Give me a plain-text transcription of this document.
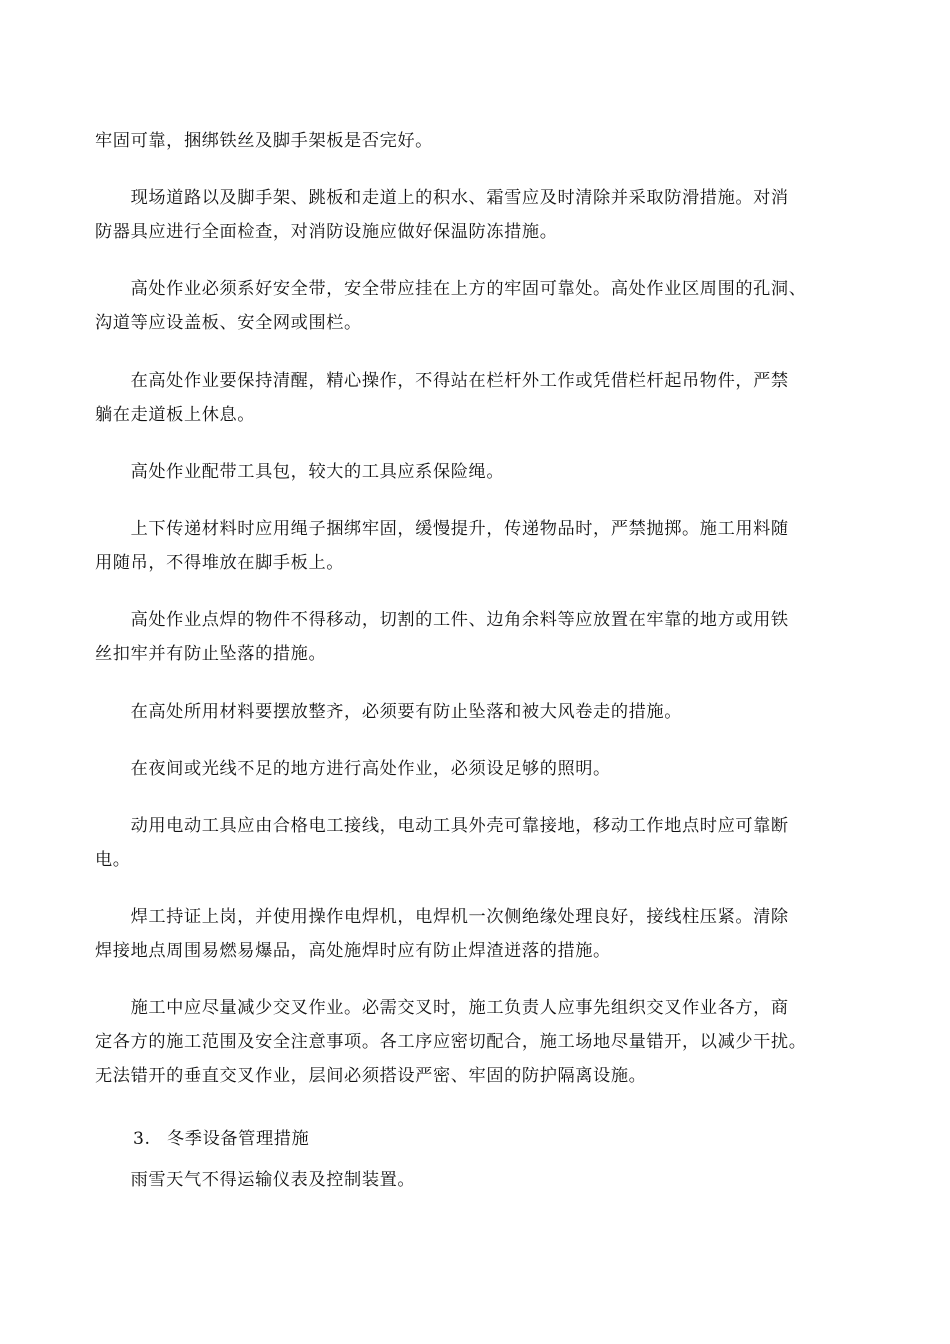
牢固可靠，捆绑铁丝及脚手架板是否完好。

　　现场道路以及脚手架、跳板和走道上的积水、霜雪应及时清除并采取防滑措施。对消
防器具应进行全面检查，对消防设施应做好保温防冻措施。

　　高处作业必须系好安全带，安全带应挂在上方的牢固可靠处。高处作业区周围的孔洞、
沟道等应设盖板、安全网或围栏。

　　在高处作业要保持清醒，精心操作，不得站在栏杆外工作或凭借栏杆起吊物件，严禁
躺在走道板上休息。

　　高处作业配带工具包，较大的工具应系保险绳。

　　上下传递材料时应用绳子捆绑牢固，缓慢提升，传递物品时，严禁抛掷。施工用料随
用随吊，不得堆放在脚手板上。

　　高处作业点焊的物件不得移动，切割的工件、边角余料等应放置在牢靠的地方或用铁
丝扣牢并有防止坠落的措施。

　　在高处所用材料要摆放整齐，必须要有防止坠落和被大风卷走的措施。

　　在夜间或光线不足的地方进行高处作业，必须设足够的照明。

　　动用电动工具应由合格电工接线，电动工具外壳可靠接地，移动工作地点时应可靠断
电。

　　焊工持证上岗，并使用操作电焊机，电焊机一次侧绝缘处理良好，接线柱压紧。清除
焊接地点周围易燃易爆品，高处施焊时应有防止焊渣迸落的措施。

　　施工中应尽量减少交叉作业。必需交叉时，施工负责人应事先组织交叉作业各方，商
定各方的施工范围及安全注意事项。各工序应密切配合，施工场地尽量错开，以减少干扰。
无法错开的垂直交叉作业，层间必须搭设严密、牢固的防护隔离设施。

3. 冬季设备管理措施

　　雨雪天气不得运输仪表及控制装置。
